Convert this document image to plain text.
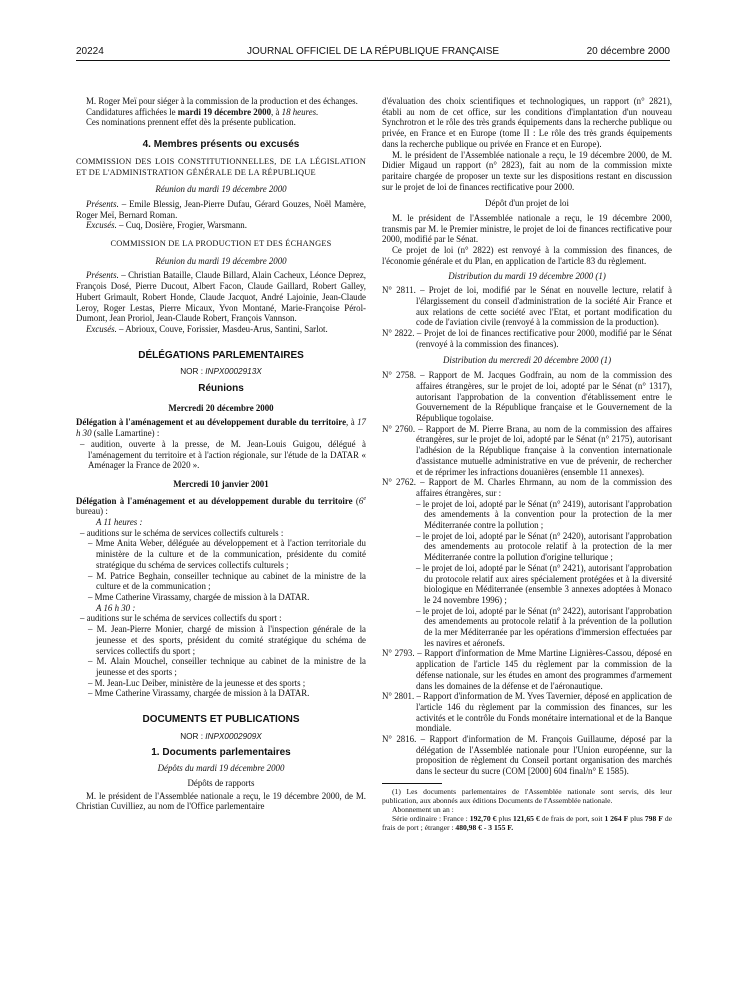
20224	JOURNAL OFFICIEL DE LA RÉPUBLIQUE FRANÇAISE	20 décembre 2000

M. Roger Meï pour siéger à la commission de la production et des échanges.

Candidatures affichées le mardi 19 décembre 2000, à 18 heures.

Ces nominations prennent effet dès la présente publication.

4. Membres présents ou excusés

COMMISSION DES LOIS CONSTITUTIONNELLES, DE LA LÉGISLATION ET DE L'ADMINISTRATION GÉNÉRALE DE LA RÉPUBLIQUE

Réunion du mardi 19 décembre 2000

Présents. – Emile Blessig, Jean-Pierre Dufau, Gérard Gouzes, Noël Mamère, Roger Meï, Bernard Roman.

Excusés. – Cuq, Dosière, Frogier, Warsmann.

COMMISSION DE LA PRODUCTION ET DES ÉCHANGES

Réunion du mardi 19 décembre 2000

Présents. – Christian Bataille, Claude Billard, Alain Cacheux, Léonce Deprez, François Dosé, Pierre Ducout, Albert Facon, Claude Gaillard, Robert Galley, Hubert Grimault, Robert Honde, Claude Jacquot, André Lajoinie, Jean-Claude Leroy, Roger Lestas, Pierre Micaux, Yvon Montané, Marie-Françoise Pérol-Dumont, Jean Proriol, Jean-Claude Robert, François Vannson.

Excusés. – Abrioux, Couve, Forissier, Masdeu-Arus, Santini, Sarlot.

DÉLÉGATIONS PARLEMENTAIRES

NOR : INPX0002913X

Réunions

Mercredi 20 décembre 2000

Délégation à l'aménagement et au développement durable du territoire, à 17 h 30 (salle Lamartine) :

– audition, ouverte à la presse, de M. Jean-Louis Guigou, délégué à l'aménagement du territoire et à l'action régionale, sur l'étude de la DATAR « Aménager la France de 2020 ».

Mercredi 10 janvier 2001

Délégation à l'aménagement et au développement durable du territoire (6e bureau) :

A 11 heures :

– auditions sur le schéma de services collectifs culturels :

– Mme Anita Weber, déléguée au développement et à l'action territoriale du ministère de la culture et de la communication, présidente du comité stratégique du schéma de services collectifs culturels ;

– M. Patrice Beghain, conseiller technique au cabinet de la ministre de la culture et de la communication ;

– Mme Catherine Virassamy, chargée de mission à la DATAR.

A 16 h 30 :

– auditions sur le schéma de services collectifs du sport :

– M. Jean-Pierre Monier, chargé de mission à l'inspection générale de la jeunesse et des sports, président du comité stratégique du schéma de services collectifs du sport ;

– M. Alain Mouchel, conseiller technique au cabinet de la ministre de la jeunesse et des sports ;

– M. Jean-Luc Deiber, ministère de la jeunesse et des sports ;

– Mme Catherine Virassamy, chargée de mission à la DATAR.

DOCUMENTS ET PUBLICATIONS

NOR : INPX0002909X

1. Documents parlementaires

Dépôts du mardi 19 décembre 2000

Dépôts de rapports

M. le président de l'Assemblée nationale a reçu, le 19 décembre 2000, de M. Christian Cuvilliez, au nom de l'Office parlementaire

d'évaluation des choix scientifiques et technologiques, un rapport (n° 2821), établi au nom de cet office, sur les conditions d'implantation d'un nouveau Synchrotron et le rôle des très grands équipements dans la recherche publique ou privée, en France et en Europe (tome II : Le rôle des très grands équipements dans la recherche publique ou privée en France et en Europe).

M. le président de l'Assemblée nationale a reçu, le 19 décembre 2000, de M. Didier Migaud un rapport (n° 2823), fait au nom de la commission mixte paritaire chargée de proposer un texte sur les dispositions restant en discussion sur le projet de loi de finances rectificative pour 2000.

Dépôt d'un projet de loi

M. le président de l'Assemblée nationale a reçu, le 19 décembre 2000, transmis par M. le Premier ministre, le projet de loi de finances rectificative pour 2000, modifié par le Sénat.

Ce projet de loi (n° 2822) est renvoyé à la commission des finances, de l'économie générale et du Plan, en application de l'article 83 du règlement.

Distribution du mardi 19 décembre 2000 (1)

N° 2811. – Projet de loi, modifié par le Sénat en nouvelle lecture, relatif à l'élargissement du conseil d'administration de la société Air France et aux relations de cette société avec l'Etat, et portant modification du code de l'aviation civile (renvoyé à la commission de la production).

N° 2822. – Projet de loi de finances rectificative pour 2000, modifié par le Sénat (renvoyé à la commission des finances).

Distribution du mercredi 20 décembre 2000 (1)

N° 2758. – Rapport de M. Jacques Godfrain, au nom de la commission des affaires étrangères, sur le projet de loi, adopté par le Sénat (n° 1317), autorisant l'approbation de la convention d'établissement entre le Gouvernement de la République française et le Gouvernement de la République togolaise.

N° 2760. – Rapport de M. Pierre Brana, au nom de la commission des affaires étrangères, sur le projet de loi, adopté par le Sénat (n° 2175), autorisant l'adhésion de la République française à la convention internationale d'assistance mutuelle administrative en vue de prévenir, de rechercher et de réprimer les infractions douanières (ensemble 11 annexes).

N° 2762. – Rapport de M. Charles Ehrmann, au nom de la commission des affaires étrangères, sur :

– le projet de loi, adopté par le Sénat (n° 2419), autorisant l'approbation des amendements à la convention pour la protection de la mer Méditerranée contre la pollution ;

– le projet de loi, adopté par le Sénat (n° 2420), autorisant l'approbation des amendements au protocole relatif à la protection de la mer Méditerranée contre la pollution d'origine tellurique ;

– le projet de loi, adopté par le Sénat (n° 2421), autorisant l'approbation du protocole relatif aux aires spécialement protégées et à la diversité biologique en Méditerranée (ensemble 3 annexes adoptées à Monaco le 24 novembre 1996) ;

– le projet de loi, adopté par le Sénat (n° 2422), autorisant l'approbation des amendements au protocole relatif à la prévention de la pollution de la mer Méditerranée par les opérations d'immersion effectuées par les navires et aéronefs.

N° 2793. – Rapport d'information de Mme Martine Lignières-Cassou, déposé en application de l'article 145 du règlement par la commission de la défense nationale, sur les études en amont des programmes d'armement dans les domaines de la défense et de l'aéronautique.

N° 2801. – Rapport d'information de M. Yves Tavernier, déposé en application de l'article 146 du règlement par la commission des finances, sur les activités et le contrôle du Fonds monétaire international et de la Banque mondiale.

N° 2816. – Rapport d'information de M. François Guillaume, déposé par la délégation de l'Assemblée nationale pour l'Union européenne, sur la proposition de règlement du Conseil portant organisation des marchés dans le secteur du sucre (COM [2000] 604 final/n° E 1585).

(1) Les documents parlementaires de l'Assemblée nationale sont servis, dès leur publication, aux abonnés aux éditions Documents de l'Assemblée nationale.

Abonnement un an :

Série ordinaire : France : 192,70 € plus 121,65 € de frais de port, soit 1 264 F plus 798 F de frais de port ; étranger : 480,98 € - 3 155 F.
